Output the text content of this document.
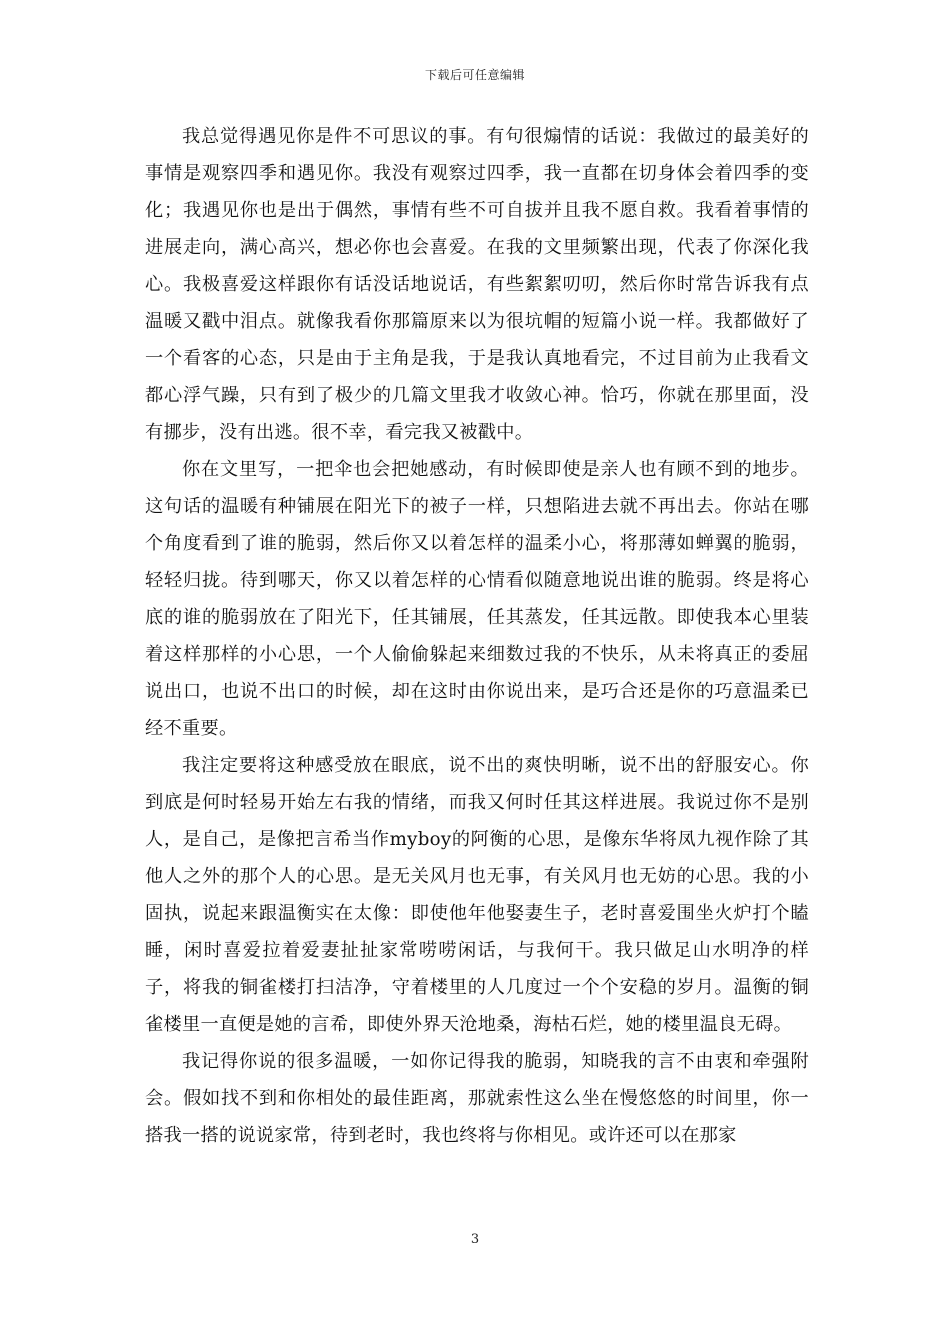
下载后可任意编辑

我总觉得遇见你是件不可思议的事。有句很煽情的话说：我做过的最美好的事情是观察四季和遇见你。我没有观察过四季，我一直都在切身体会着四季的变化；我遇见你也是出于偶然，事情有些不可自拔并且我不愿自救。我看着事情的进展走向，满心高兴，想必你也会喜爱。在我的文里频繁出现，代表了你深化我心。我极喜爱这样跟你有话没话地说话，有些絮絮叨叨，然后你时常告诉我有点温暖又戳中泪点。就像我看你那篇原来以为很坑帽的短篇小说一样。我都做好了一个看客的心态，只是由于主角是我，于是我认真地看完，不过目前为止我看文都心浮气躁，只有到了极少的几篇文里我才收敛心神。恰巧，你就在那里面，没有挪步，没有出逃。很不幸，看完我又被戳中。

你在文里写，一把伞也会把她感动，有时候即使是亲人也有顾不到的地步。这句话的温暖有种铺展在阳光下的被子一样，只想陷进去就不再出去。你站在哪个角度看到了谁的脆弱，然后你又以着怎样的温柔小心，将那薄如蝉翼的脆弱，轻轻归拢。待到哪天，你又以着怎样的心情看似随意地说出谁的脆弱。终是将心底的谁的脆弱放在了阳光下，任其铺展，任其蒸发，任其远散。即使我本心里装着这样那样的小心思，一个人偷偷躲起来细数过我的不快乐，从未将真正的委屈说出口，也说不出口的时候，却在这时由你说出来，是巧合还是你的巧意温柔已经不重要。

我注定要将这种感受放在眼底，说不出的爽快明晰，说不出的舒服安心。你到底是何时轻易开始左右我的情绪，而我又何时任其这样进展。我说过你不是别人，是自己，是像把言希当作myboy的阿衡的心思，是像东华将凤九视作除了其他人之外的那个人的心思。是无关风月也无事，有关风月也无妨的心思。我的小固执，说起来跟温衡实在太像：即使他年他娶妻生子，老时喜爱围坐火炉打个瞌睡，闲时喜爱拉着爱妻扯扯家常唠唠闲话，与我何干。我只做足山水明净的样子，将我的铜雀楼打扫洁净，守着楼里的人几度过一个个安稳的岁月。温衡的铜雀楼里一直便是她的言希，即使外界天沧地桑，海枯石烂，她的楼里温良无碍。

我记得你说的很多温暖，一如你记得我的脆弱，知晓我的言不由衷和牵强附会。假如找不到和你相处的最佳距离，那就索性这么坐在慢悠悠的时间里，你一搭我一搭的说说家常，待到老时，我也终将与你相见。或许还可以在那家

3
